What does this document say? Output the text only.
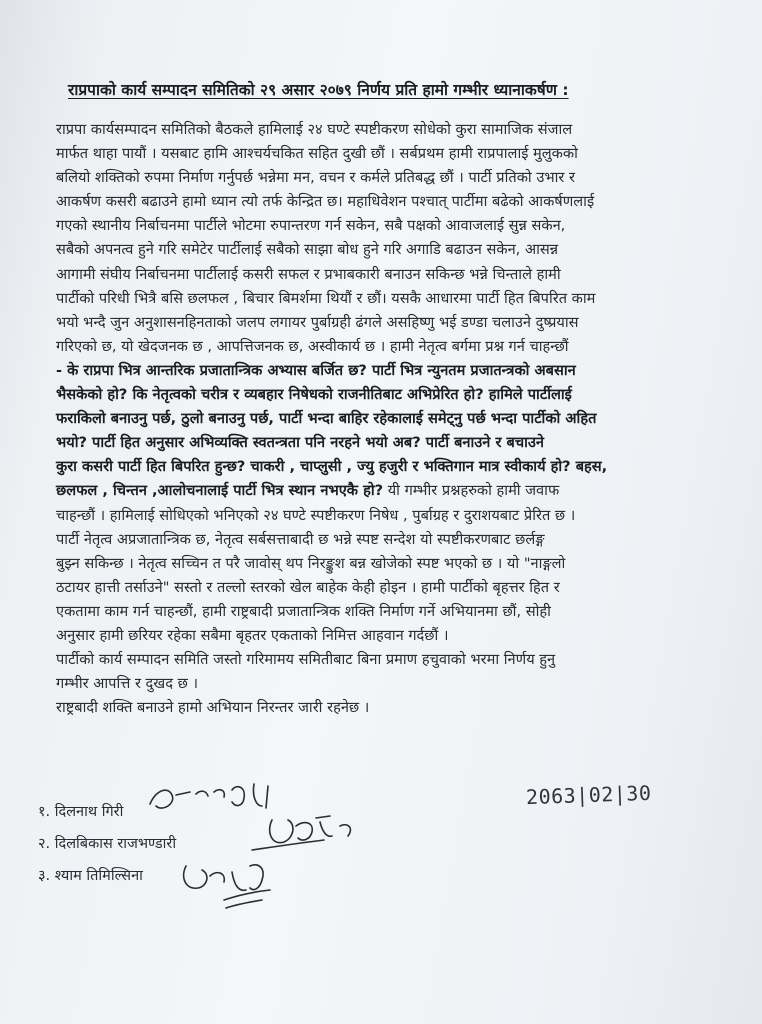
राप्रपाको कार्य सम्पादन समितिको २९ असार २०७९ निर्णय प्रति हामो गम्भीर ध्यानाकर्षण :
राप्रपा कार्यसम्पादन समितिको बैठकले हामिलाई २४ घण्टे स्पष्टीकरण सोधेको कुरा सामाजिक संजाल
मार्फत थाहा पायौं । यसबाट हामि आश्चर्यचकित सहित दुखी छौं । सर्बप्रथम हामी राप्रपालाई मुलुकको
बलियो शक्तिको रुपमा निर्माण गर्नुपर्छ भन्नेमा मन, वचन र कर्मले प्रतिबद्ध छौं । पार्टी प्रतिको उभार र
आकर्षण कसरी बढाउने हामो ध्यान त्यो तर्फ केन्द्रित छ। महाधिवेशन पश्चात् पार्टीमा बढेको आकर्षणलाई
गएको स्थानीय निर्बाचनमा पार्टीले भोटमा रुपान्तरण गर्न सकेन, सबै पक्षको आवाजलाई सुन्न सकेन,
सबैको अपनत्व हुने गरि समेटेर पार्टीलाई सबैको साझा बोध हुने गरि अगाडि बढाउन सकेन, आसन्न
आगामी संघीय निर्बाचनमा पार्टीलाई कसरी सफल र प्रभाबकारी बनाउन सकिन्छ भन्ने चिन्ताले हामी
पार्टीको परिधी भित्रै बसि छलफल , बिचार बिमर्शमा थियौं र छौं। यसकै आधारमा पार्टी हित बिपरित काम
भयो भन्दै जुन अनुशासनहिनताको जलप लगायर पुर्बाग्रही ढंगले असहिष्णु भई डण्डा चलाउने दुष्प्रयास
गरिएको छ, यो खेदजनक छ , आपत्तिजनक छ, अस्वीकार्य छ । हामी नेतृत्व बर्गमा प्रश्न गर्न चाहन्छौं
- के राप्रपा भित्र आन्तरिक प्रजातान्त्रिक अभ्यास बर्जित छ? पार्टी भित्र न्युनतम प्रजातन्त्रको अबसान
भैसकेको हो? कि नेतृत्वको चरीत्र र व्यबहार निषेधको राजनीतिबाट अभिप्रेरित हो? हामिले पार्टीलाई
फराकिलो बनाउनु पर्छ, ठुलो बनाउनु पर्छ, पार्टी भन्दा बाहिर रहेकालाई समेट्नु पर्छ भन्दा पार्टीको अहित
भयो? पार्टी हित अनुसार अभिव्यक्ति स्वतन्त्रता पनि नरहने भयो अब? पार्टी बनाउने र बचाउने
कुरा कसरी पार्टी हित बिपरित हुन्छ? चाकरी , चाप्लुसी , ज्यु हजुरी र भक्तिगान मात्र स्वीकार्य हो? बहस,
छलफल , चिन्तन ,आलोचनालाई पार्टी भित्र स्थान नभएकै हो? यी गम्भीर प्रश्नहरुको हामी जवाफ
चाहन्छौं । हामिलाई सोधिएको भनिएको २४ घण्टे स्पष्टीकरण निषेध , पुर्बाग्रह र दुराशयबाट प्रेरित छ ।
पार्टी नेतृत्व अप्रजातान्त्रिक छ, नेतृत्व सर्बसत्ताबादी छ भन्ने स्पष्ट सन्देश यो स्पष्टीकरणबाट छर्लङ्ग
बुझ्न सकिन्छ । नेतृत्व सच्चिन त परै जावोस् थप निरङ्कुश बन्न खोजेको स्पष्ट भएको छ । यो "नाङ्गलो
ठटायर हात्ती तर्साउने" सस्तो र तल्लो स्तरको खेल बाहेक केही होइन । हामी पार्टीको बृहत्तर हित र
एकतामा काम गर्न चाहन्छौं, हामी राष्ट्रबादी प्रजातान्त्रिक शक्ति निर्माण गर्ने अभियानमा छौं, सोही
अनुसार हामी छरियर रहेका सबैमा बृहतर एकताको निमित्त आहवान गर्दछौं ।
पार्टीको कार्य सम्पादन समिति जस्तो गरिमामय समितीबाट बिना प्रमाण हचुवाको भरमा निर्णय हुनु
गम्भीर आपत्ति र दुखद छ ।
राष्ट्रबादी शक्ति बनाउने हामो अभियान निरन्तर जारी रहनेछ ।
१. दिलनाथ गिरी
२. दिलबिकास राजभण्डारी
३. श्याम तिमिल्सिना
2063|02|30
